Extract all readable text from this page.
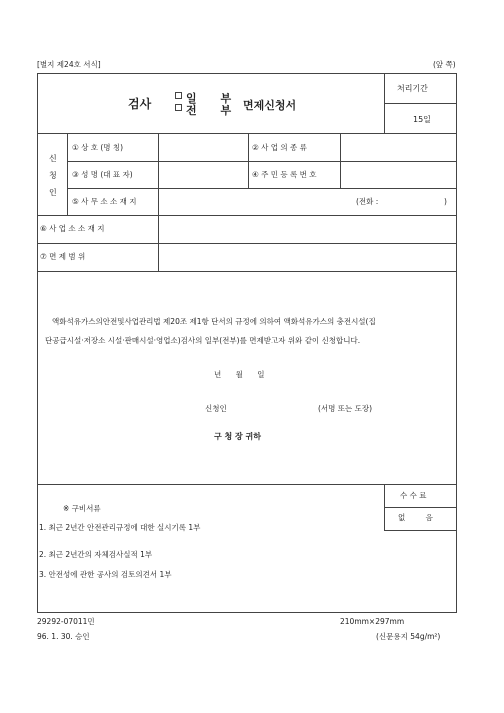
[별지 제24호 서식]	(앞 쪽)
검사	일 부
전 부 면제신청서
처리기간
15일
신
청
인
① 상 호 (명 칭)	② 사 업 의 종 류
③ 성 명 (대 표 자)	④ 주 민 등 록 번 호
⑤ 사 무 소 소 재 지	(전화 :	)
⑥ 사 업 소 소 재 지
⑦ 면 제 범 위
액화석유가스의안전및사업관리법 제20조 제1항 단서의 규정에 의하여 액화석유가스의 충전시설(집
단공급시설·저장소 시설·판매시설·영업소)검사의 일부(전부)를 면제받고자 위와 같이 신청합니다.
년 월 일
신청인	(서명 또는 도장)
구 청 장 귀하
수 수 료
없 음
※ 구비서류
1. 최근 2년간 안전관리규정에 대한 실시기록 1부
2. 최근 2년간의 자체검사실적 1부
3. 안전성에 관한 공사의 검토의견서 1부
29292-07011민
96. 1. 30. 승인
210mm×297mm
(신문용지 54g/m²)
